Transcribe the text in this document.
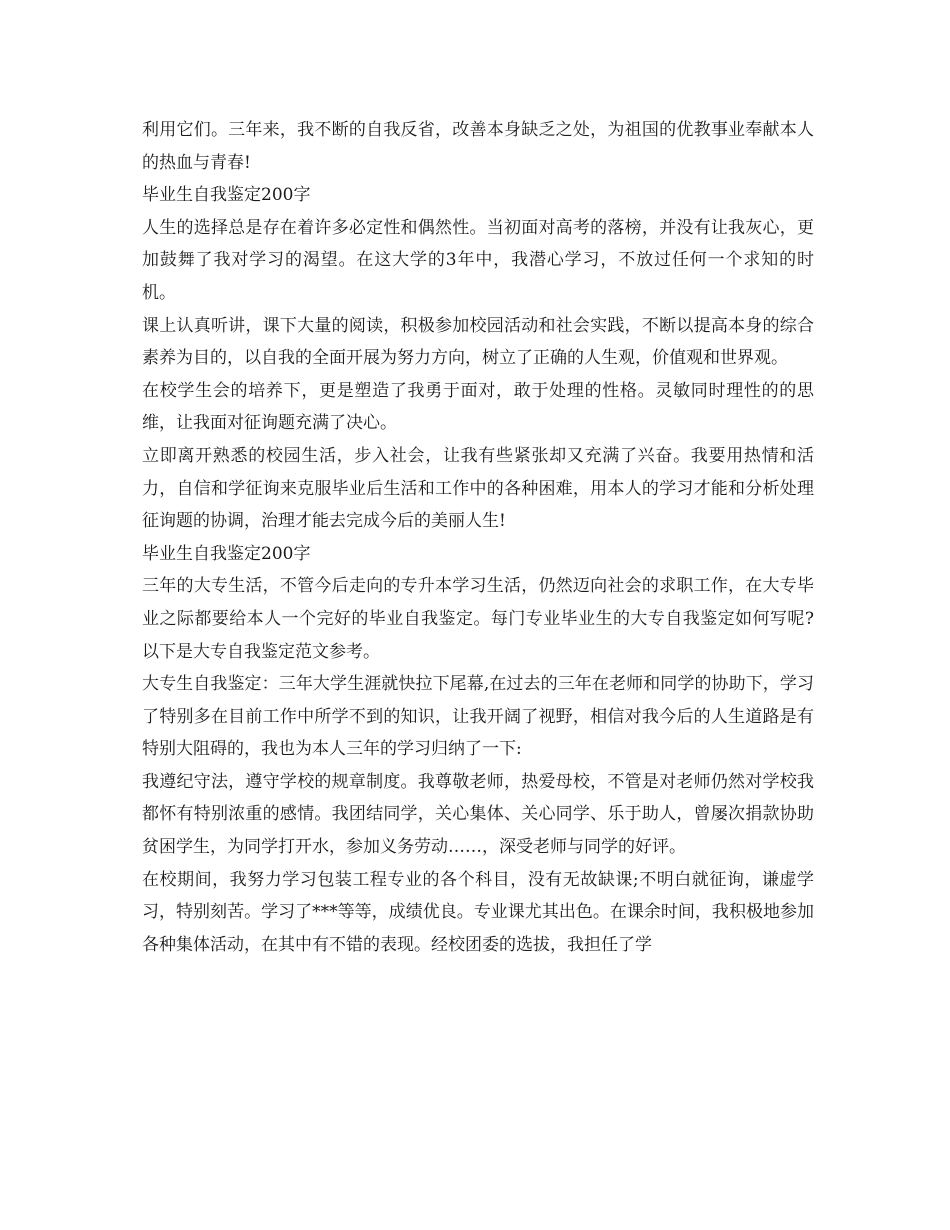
利用它们。三年来，我不断的自我反省，改善本身缺乏之处，为祖国的优教事业奉献本人的热血与青春!

毕业生自我鉴定200字

人生的选择总是存在着许多必定性和偶然性。当初面对高考的落榜，并没有让我灰心，更加鼓舞了我对学习的渴望。在这大学的3年中，我潜心学习，不放过任何一个求知的时机。

课上认真听讲，课下大量的阅读，积极参加校园活动和社会实践，不断以提高本身的综合素养为目的，以自我的全面开展为努力方向，树立了正确的人生观，价值观和世界观。

在校学生会的培养下，更是塑造了我勇于面对，敢于处理的性格。灵敏同时理性的的思维，让我面对征询题充满了决心。

立即离开熟悉的校园生活，步入社会，让我有些紧张却又充满了兴奋。我要用热情和活力，自信和学征询来克服毕业后生活和工作中的各种困难，用本人的学习才能和分析处理征询题的协调，治理才能去完成今后的美丽人生!

毕业生自我鉴定200字

三年的大专生活，不管今后走向的专升本学习生活，仍然迈向社会的求职工作，在大专毕业之际都要给本人一个完好的毕业自我鉴定。每门专业毕业生的大专自我鉴定如何写呢?以下是大专自我鉴定范文参考。

大专生自我鉴定：三年大学生涯就快拉下尾幕,在过去的三年在老师和同学的协助下，学习了特别多在目前工作中所学不到的知识，让我开阔了视野，相信对我今后的人生道路是有特别大阻碍的，我也为本人三年的学习归纳了一下:

我遵纪守法，遵守学校的规章制度。我尊敬老师，热爱母校，不管是对老师仍然对学校我都怀有特别浓重的感情。我团结同学，关心集体、关心同学、乐于助人，曾屡次捐款协助贫困学生，为同学打开水，参加义务劳动……，深受老师与同学的好评。

在校期间，我努力学习包装工程专业的各个科目，没有无故缺课;不明白就征询，谦虚学习，特别刻苦。学习了***等等，成绩优良。专业课尤其出色。在课余时间，我积极地参加各种集体活动，在其中有不错的表现。经校团委的选拔，我担任了学
